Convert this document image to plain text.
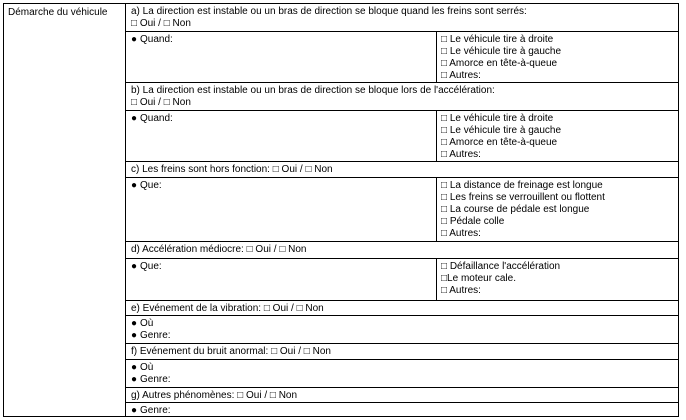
Démarche du véhicule	a) La direction est instable ou un bras de direction se bloque quand les freins sont serrés:
□ Oui / □ Non
● Quand:	□ Le véhicule tire à droite
□ Le véhicule tire à gauche
□ Amorce en tête-à-queue
□ Autres:
b) La direction est instable ou un bras de direction se bloque lors de l'accélération:
□ Oui / □ Non
● Quand:	□ Le véhicule tire à droite
□ Le véhicule tire à gauche
□ Amorce en tête-à-queue
□ Autres:
c) Les freins sont hors fonction: □ Oui / □ Non
● Que:	□ La distance de freinage est longue
□ Les freins se verrouillent ou flottent
□ La course de pédale est longue
□ Pédale colle
□ Autres:
d) Accélération médiocre: □ Oui / □ Non
● Que:	□ Défaillance l'accélération
□Le moteur cale.
□ Autres:
e) Evénement de la vibration: □ Oui / □ Non
● Où
● Genre:
f) Evénement du bruit anormal: □ Oui / □ Non
● Où
● Genre:
g) Autres phénomènes: □ Oui / □ Non
● Genre:
